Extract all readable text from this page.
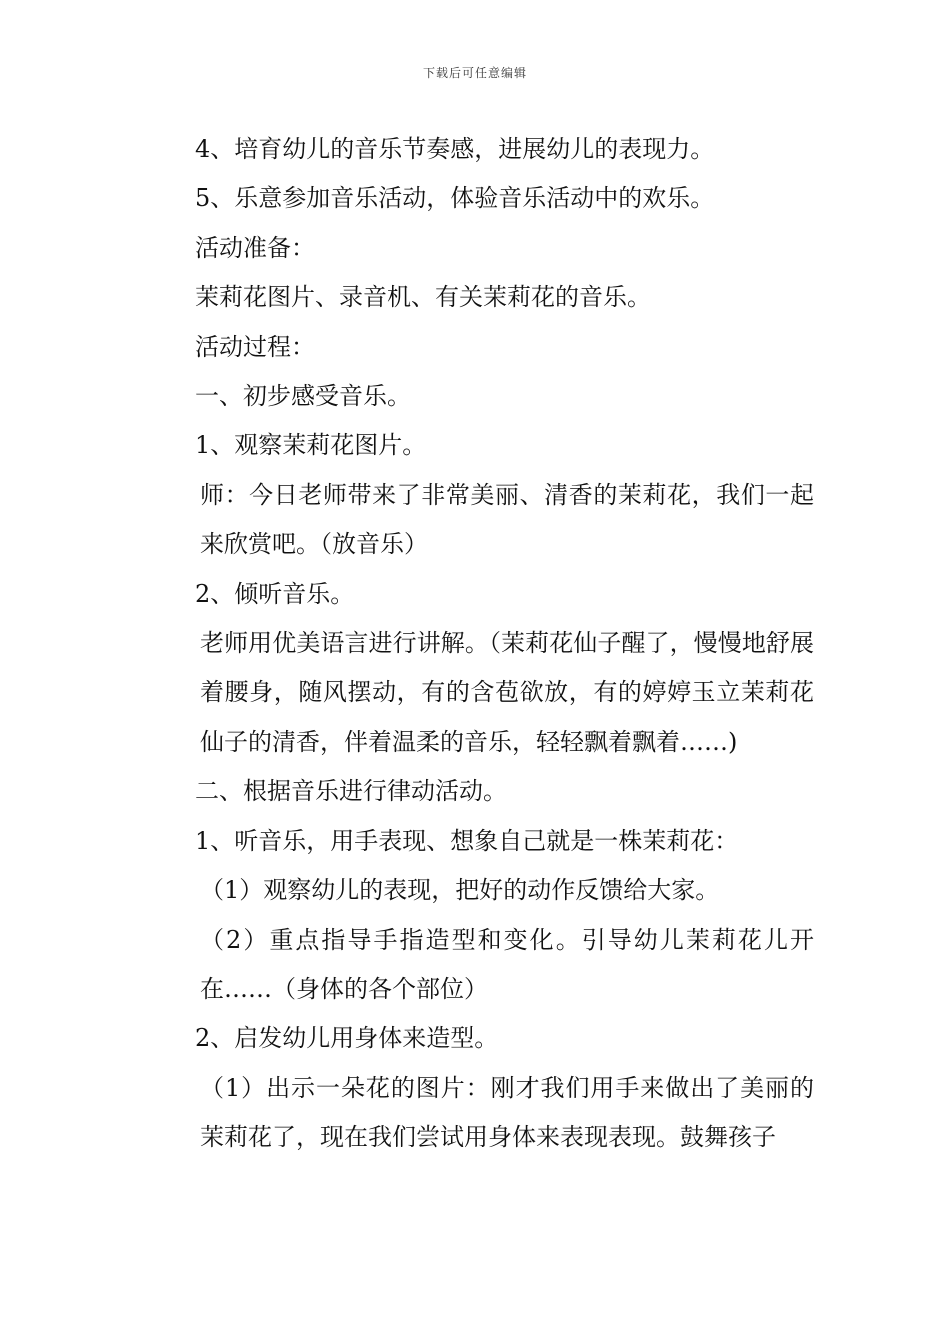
下载后可任意编辑

4、培育幼儿的音乐节奏感，进展幼儿的表现力。

5、乐意参加音乐活动，体验音乐活动中的欢乐。

活动准备：

茉莉花图片、录音机、有关茉莉花的音乐。

活动过程：

一、初步感受音乐。

1、观察茉莉花图片。

师：今日老师带来了非常美丽、清香的茉莉花，我们一起来欣赏吧。（放音乐）

2、倾听音乐。

老师用优美语言进行讲解。（茉莉花仙子醒了，慢慢地舒展着腰身，随风摆动，有的含苞欲放，有的婷婷玉立茉莉花仙子的清香，伴着温柔的音乐，轻轻飘着飘着……)

二、根据音乐进行律动活动。

1、听音乐，用手表现、想象自己就是一株茉莉花：

（1）观察幼儿的表现，把好的动作反馈给大家。

（2）重点指导手指造型和变化。引导幼儿茉莉花儿开在……（身体的各个部位）

2、启发幼儿用身体来造型。

（1）出示一朵花的图片：刚才我们用手来做出了美丽的茉莉花了，现在我们尝试用身体来表现表现。鼓舞孩子
